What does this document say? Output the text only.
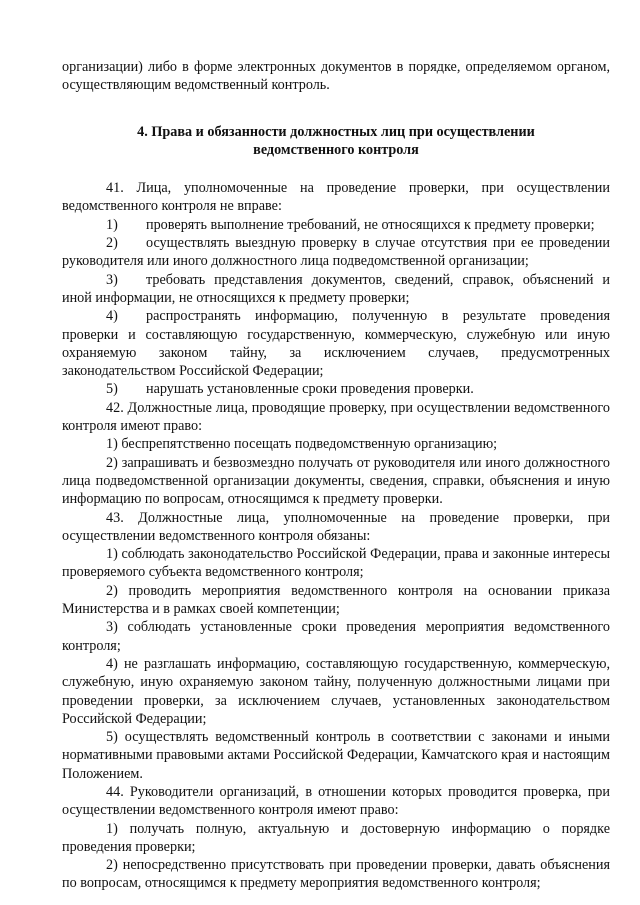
организации) либо в форме электронных документов в порядке, определяемом органом, осуществляющим ведомственный контроль.

4. Права и обязанности должностных лиц при осуществлении
ведомственного контроля

41. Лица, уполномоченные на проведение проверки, при осуществлении ведомственного контроля не вправе:

1) проверять выполнение требований, не относящихся к предмету проверки;

2) осуществлять выездную проверку в случае отсутствия при ее проведении руководителя или иного должностного лица подведомственной организации;

3) требовать представления документов, сведений, справок, объяснений и иной информации, не относящихся к предмету проверки;

4) распространять информацию, полученную в результате проведения проверки и составляющую государственную, коммерческую, служебную или иную охраняемую законом тайну, за исключением случаев, предусмотренных законодательством Российской Федерации;

5) нарушать установленные сроки проведения проверки.

42. Должностные лица, проводящие проверку, при осуществлении ведомственного контроля имеют право:

1) беспрепятственно посещать подведомственную организацию;

2) запрашивать и безвозмездно получать от руководителя или иного должностного лица подведомственной организации документы, сведения, справки, объяснения и иную информацию по вопросам, относящимся к предмету проверки.

43. Должностные лица, уполномоченные на проведение проверки, при осуществлении ведомственного контроля обязаны:

1) соблюдать законодательство Российской Федерации, права и законные интересы проверяемого субъекта ведомственного контроля;

2) проводить мероприятия ведомственного контроля на основании приказа Министерства и в рамках своей компетенции;

3) соблюдать установленные сроки проведения мероприятия ведомственного контроля;

4) не разглашать информацию, составляющую государственную, коммерческую, служебную, иную охраняемую законом тайну, полученную должностными лицами при проведении проверки, за исключением случаев, установленных законодательством Российской Федерации;

5) осуществлять ведомственный контроль в соответствии с законами и иными нормативными правовыми актами Российской Федерации, Камчатского края и настоящим Положением.

44. Руководители организаций, в отношении которых проводится проверка, при осуществлении ведомственного контроля имеют право:

1) получать полную, актуальную и достоверную информацию о порядке проведения проверки;

2) непосредственно присутствовать при проведении проверки, давать объяснения по вопросам, относящимся к предмету мероприятия ведомственного контроля;
